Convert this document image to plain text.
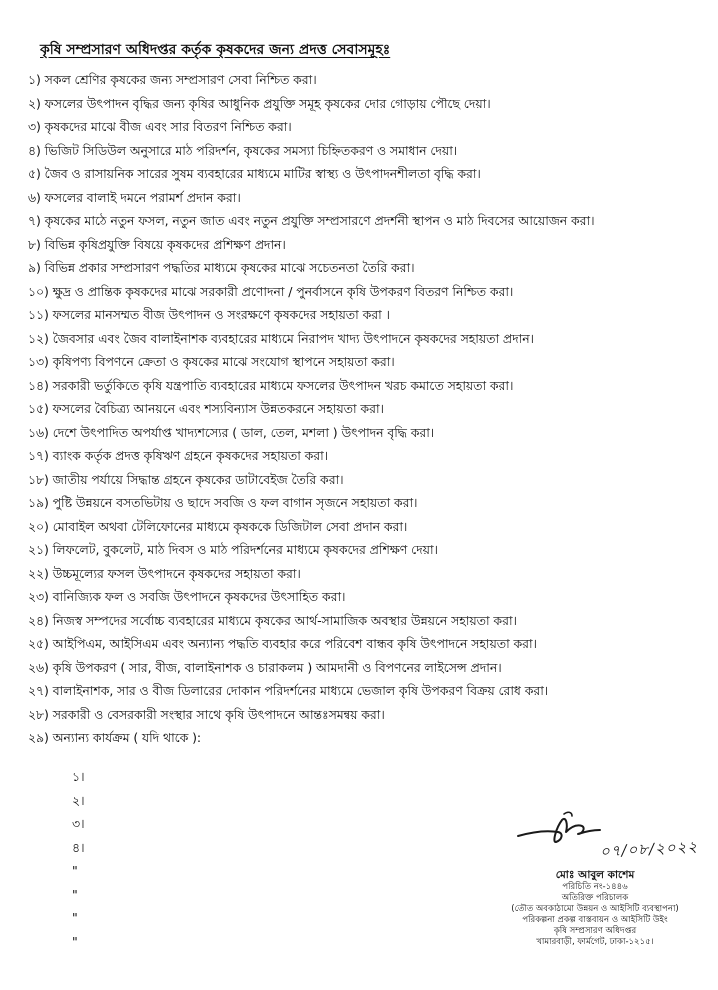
কৃষি সম্প্রসারণ অধিদপ্তর কর্তৃক কৃষকদের জন্য প্রদত্ত সেবাসমূহঃ
১) সকল শ্রেণির কৃষকের জন্য সম্প্রসারণ সেবা নিশ্চিত করা।
২) ফসলের উৎপাদন বৃদ্ধির জন্য কৃষির আধুনিক প্রযুক্তি সমূহ কৃষকের দোর গোড়ায় পৌছে দেয়া।
৩) কৃষকদের মাঝে বীজ এবং সার বিতরণ নিশ্চিত করা।
৪) ভিজিট সিডিউল অনুসারে মাঠ পরিদর্শন, কৃষকের সমস্যা চিহ্নিতকরণ ও সমাধান দেয়া।
৫) জৈব ও রাসায়নিক সারের সুষম ব্যবহারের মাধ্যমে মাটির স্বাস্থ্য ও উৎপাদনশীলতা বৃদ্ধি করা।
৬) ফসলের বালাই দমনে পরামর্শ প্রদান করা।
৭) কৃষকের মাঠে নতুন ফসল, নতুন জাত এবং নতুন প্রযুক্তি সম্প্রসারণে প্রদর্শনী স্থাপন ও মাঠ দিবসের আয়োজন করা।
৮) বিভিন্ন কৃষিপ্রযুক্তি বিষয়ে কৃষকদের প্রশিক্ষণ প্রদান।
৯) বিভিন্ন প্রকার সম্প্রসারণ পদ্ধতির মাধ্যমে কৃষকের মাঝে সচেতনতা তৈরি করা।
১০) ক্ষুদ্র ও প্রান্তিক কৃষকদের মাঝে সরকারী প্রণোদনা / পুনর্বাসনে কৃষি উপকরণ বিতরণ নিশ্চিত করা।
১১) ফসলের মানসম্মত বীজ উৎপাদন ও সংরক্ষণে কৃষকদের সহায়তা করা ।
১২) জৈবসার এবং জৈব বালাইনাশক ব্যবহারের মাধ্যমে নিরাপদ খাদ্য উৎপাদনে কৃষকদের সহায়তা প্রদান।
১৩) কৃষিপণ্য বিপণনে ক্রেতা ও কৃষকের মাঝে সংযোগ স্থাপনে সহায়তা করা।
১৪) সরকারী ভর্তুকিতে কৃষি যন্ত্রপাতি ব্যবহারের মাধ্যমে ফসলের উৎপাদন খরচ কমাতে সহায়তা করা।
১৫) ফসলের বৈচিত্র্য আনয়নে এবং শস্যবিন্যাস উন্নতকরনে সহায়তা করা।
১৬) দেশে উৎপাদিত অপর্যাপ্ত খাদ্যশস্যের ( ডাল, তেল, মশলা ) উৎপাদন বৃদ্ধি করা।
১৭) ব্যাংক কর্তৃক প্রদত্ত কৃষিঋণ গ্রহনে কৃষকদের সহায়তা করা।
১৮) জাতীয় পর্যায়ে সিদ্ধান্ত গ্রহনে কৃষকের ডাটাবেইজ তৈরি করা।
১৯) পুষ্টি উন্নয়নে বসতভিটায় ও ছাদে সবজি ও ফল বাগান সৃজনে সহায়তা করা।
২০) মোবাইল অথবা টেলিফোনের মাধ্যমে কৃষককে ডিজিটাল সেবা প্রদান করা।
২১) লিফলেট, বুকলেট, মাঠ দিবস ও মাঠ পরিদর্শনের মাধ্যমে কৃষকদের প্রশিক্ষণ দেয়া।
২২) উচ্চমূল্যের ফসল উৎপাদনে কৃষকদের সহায়তা করা।
২৩) বানিজ্যিক ফল ও সবজি উৎপাদনে কৃষকদের উৎসাহিত করা।
২৪) নিজস্ব সম্পদের সর্বোচ্চ ব্যবহারের মাধ্যমে কৃষকের আর্থ-সামাজিক অবস্থার উন্নয়নে সহায়তা করা।
২৫) আইপিএম, আইসিএম এবং অন্যান্য পদ্ধতি ব্যবহার করে পরিবেশ বান্ধব কৃষি উৎপাদনে সহায়তা করা।
২৬) কৃষি উপকরণ ( সার, বীজ, বালাইনাশক ও চারাকলম ) আমদানী ও বিপণনের লাইসেন্স প্রদান।
২৭) বালাইনাশক, সার ও বীজ ডিলারের দোকান পরিদর্শনের মাধ্যমে ভেজাল কৃষি উপকরণ বিক্রয় রোধ করা।
২৮) সরকারী ও বেসরকারী সংস্থার সাথে কৃষি উৎপাদনে আন্তঃসমন্বয় করা।
২৯) অন্যান্য কার্যক্রম ( যদি থাকে ):
১।
২।
৩।
৪।
"
"
"
"
০৭/০৮/২০২২
মোঃ আবুল কাশেম
পরিচিতি নং-১৪৪৬
অতিরিক্ত পরিচালক
(তৌত অবকাঠামো উন্নয়ন ও আইসিটি ব্যবস্থাপনা)
পরিকল্পনা প্রকল্প বাস্তবায়ন ও আইসিটি উইং
কৃষি সম্প্রসারণ অধিদপ্তর
খামারবাড়ী, ফার্মগেট, ঢাকা-১২১৫।
